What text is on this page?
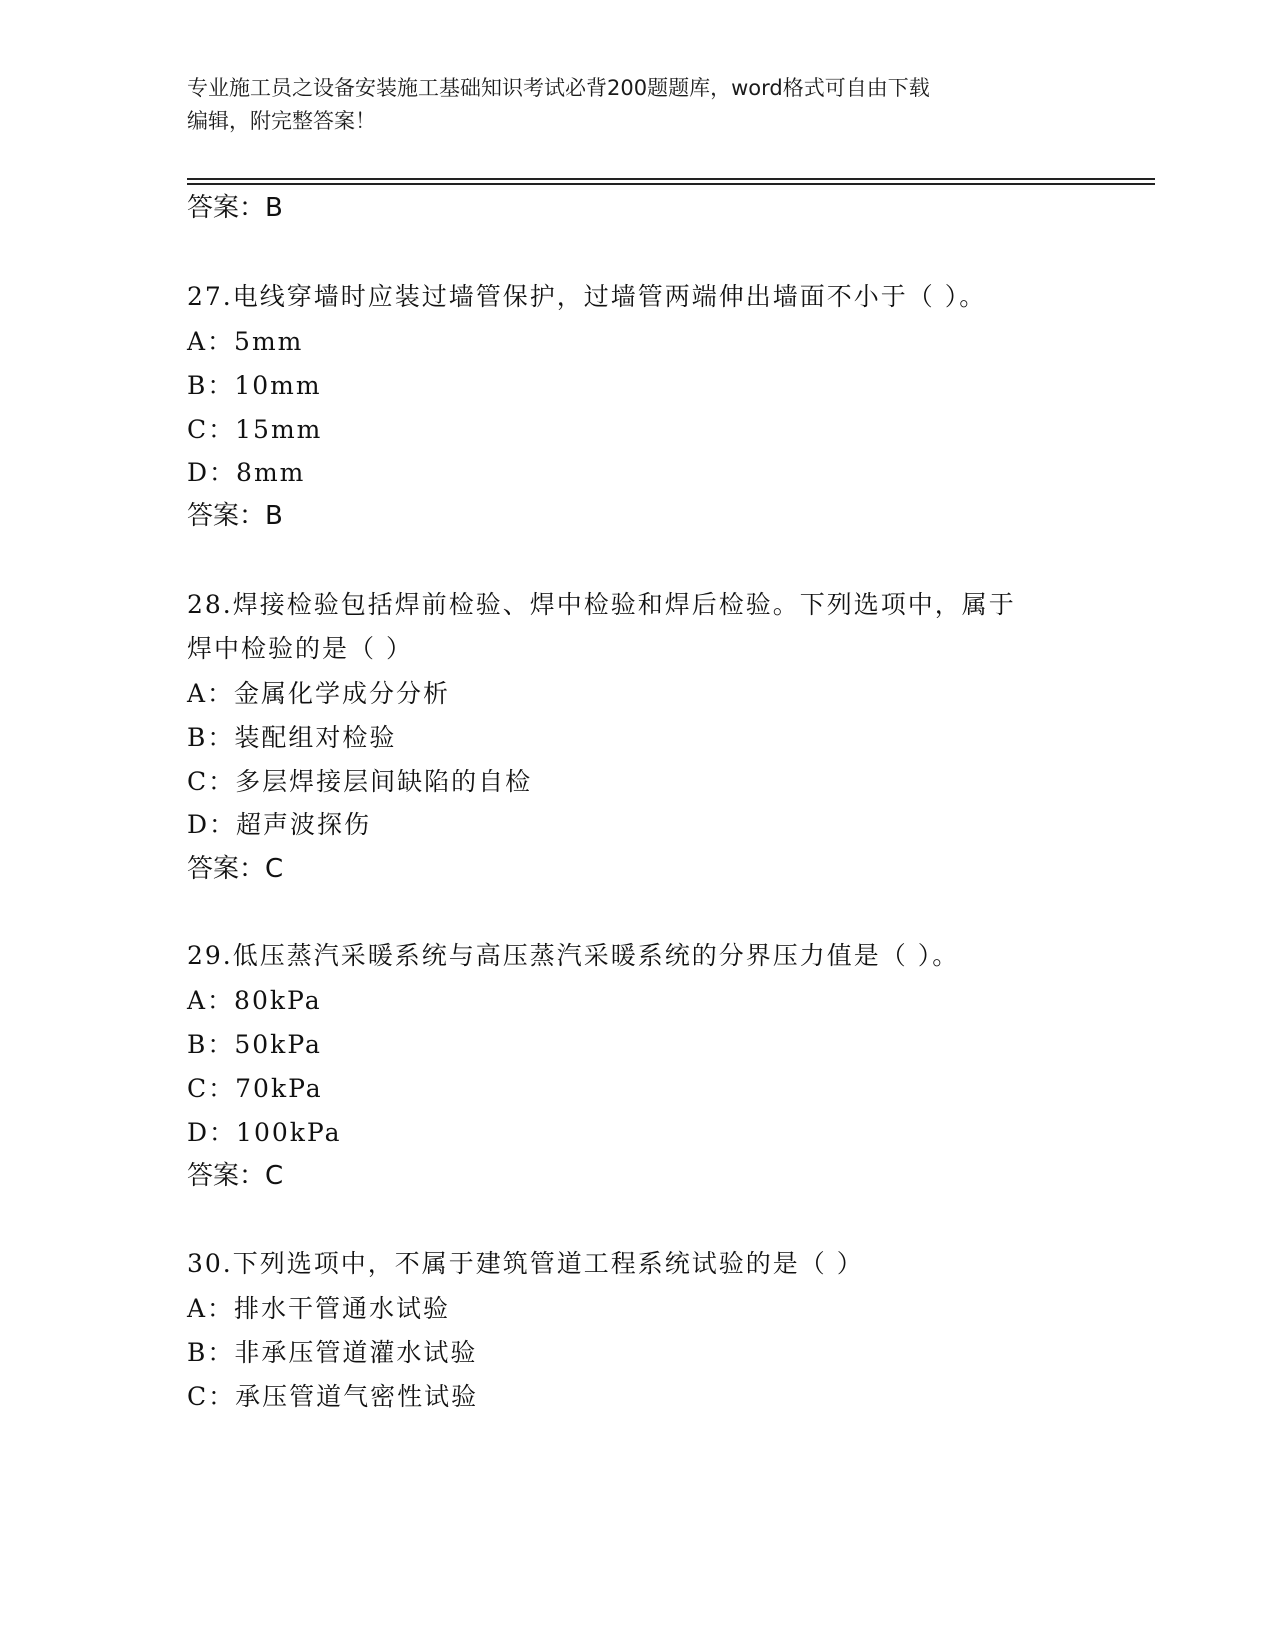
专业施工员之设备安装施工基础知识考试必背200题题库，word格式可自由下载
编辑，附完整答案！
答案：B
27.电线穿墙时应装过墙管保护，过墙管两端伸出墙面不小于（ ）。
A：5mm
B：10mm
C：15mm
D：8mm
答案：B
28.焊接检验包括焊前检验、焊中检验和焊后检验。下列选项中，属于
焊中检验的是（ ）
A：金属化学成分分析
B：装配组对检验
C：多层焊接层间缺陷的自检
D：超声波探伤
答案：C
29.低压蒸汽采暖系统与高压蒸汽采暖系统的分界压力值是（ ）。
A：80kPa
B：50kPa
C：70kPa
D：100kPa
答案：C
30.下列选项中，不属于建筑管道工程系统试验的是（ ）
A：排水干管通水试验
B：非承压管道灌水试验
C：承压管道气密性试验
